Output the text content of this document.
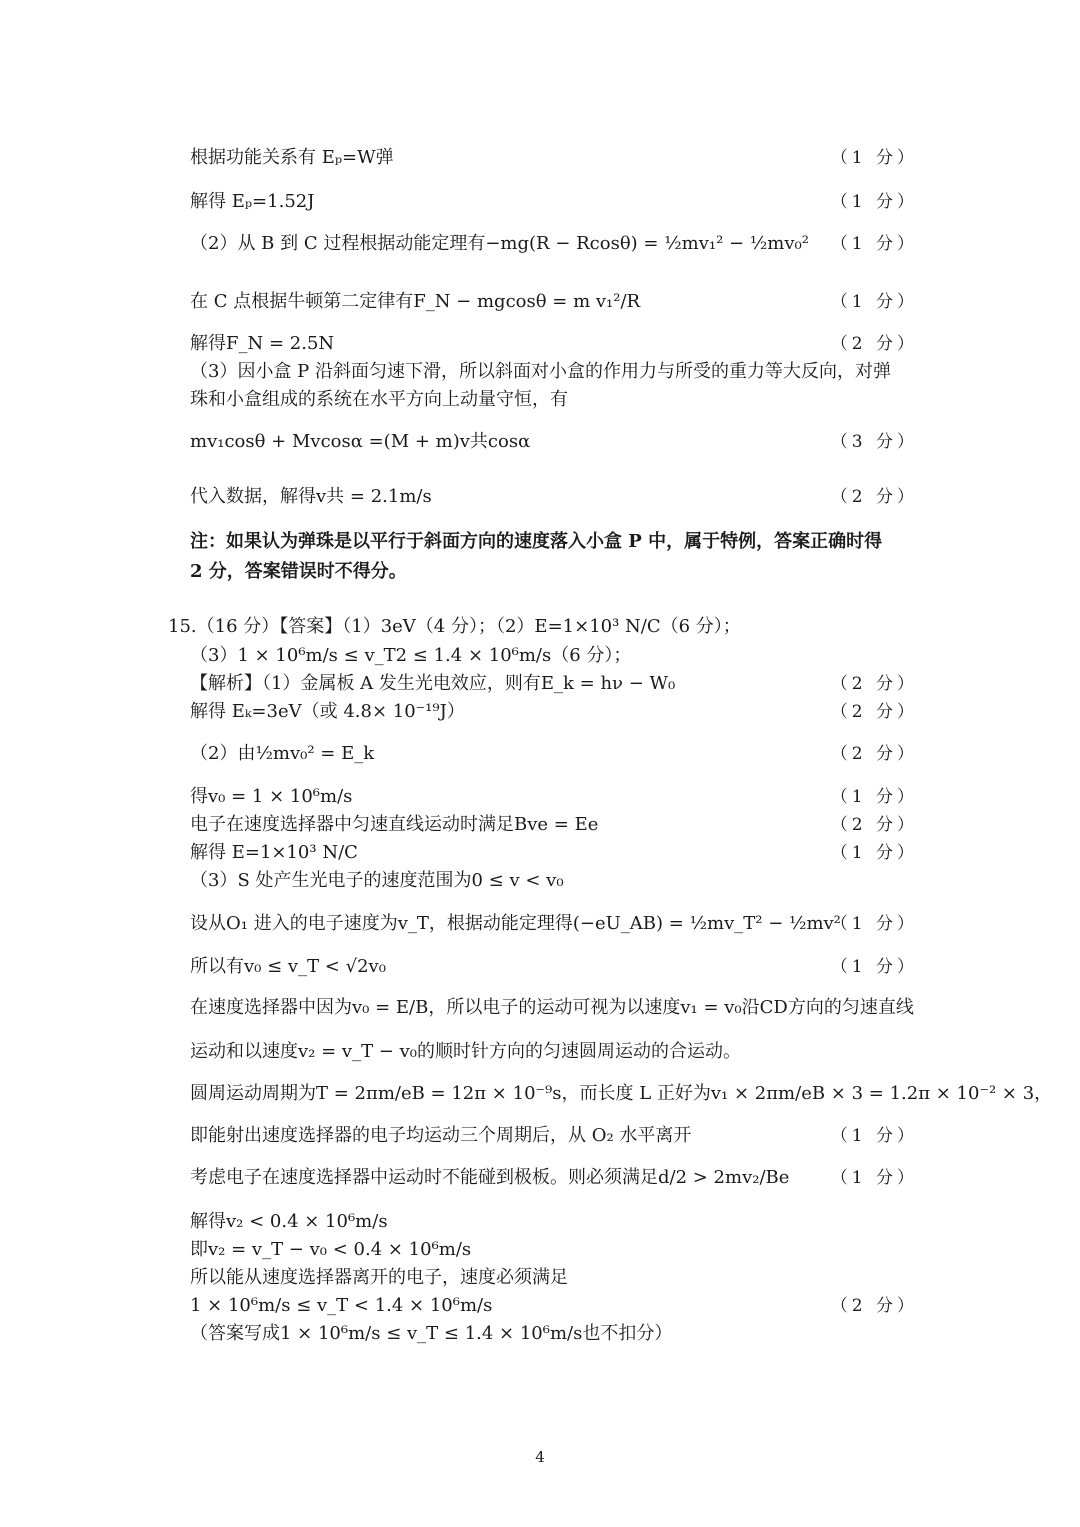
根据功能关系有 Eₚ=W弹	（1 分）
解得 Eₚ=1.52J	（1 分）
（2）从 B 到 C 过程根据动能定理有−mg(R − Rcosθ) = ½mv₁² − ½mv₀² （1 分）
在 C 点根据牛顿第二定律有F_N − mgcosθ = m v₁²/R	（1 分）
解得F_N = 2.5N	（2 分）
（3）因小盒 P 沿斜面匀速下滑，所以斜面对小盒的作用力与所受的重力等大反向，对弹
珠和小盒组成的系统在水平方向上动量守恒，有
mv₁cosθ + Mvcosα =(M + m)v共cosα	（3 分）
代入数据，解得v共 = 2.1m/s	（2 分）
注：如果认为弹珠是以平行于斜面方向的速度落入小盒 P 中，属于特例，答案正确时得
2 分，答案错误时不得分。
15.（16 分）【答案】（1）3eV（4 分）；（2）E=1×10³ N/C（6 分）；
（3）1 × 10⁶m/s ≤ v_T2 ≤ 1.4 × 10⁶m/s（6 分）；
【解析】（1）金属板 A 发生光电效应，则有E_k = hν − W₀	（2 分）
解得 Eₖ=3eV（或 4.8× 10⁻¹⁹J）	（2 分）
（2）由½mv₀² = E_k	（2 分）
得v₀ = 1 × 10⁶m/s	（1 分）
电子在速度选择器中匀速直线运动时满足Bve = Ee	（2 分）
解得 E=1×10³ N/C	（1 分）
（3）S 处产生光电子的速度范围为0 ≤ v < v₀
设从O₁ 进入的电子速度为v_T，根据动能定理得(−eU_AB) = ½mv_T² − ½mv²
（1 分）
所以有v₀ ≤ v_T < √2v₀	（1 分）
在速度选择器中因为v₀ = E/B，所以电子的运动可视为以速度v₁ = v₀沿CD方向的匀速直线
运动和以速度v₂ = v_T − v₀的顺时针方向的匀速圆周运动的合运动。
圆周运动周期为T = 2πm/eB = 12π × 10⁻⁹s，而长度 L 正好为v₁ × 2πm/eB × 3 = 1.2π × 10⁻² × 3，
即能射出速度选择器的电子均运动三个周期后，从 O₂ 水平离开	（1 分）
考虑电子在速度选择器中运动时不能碰到极板。则必须满足d/2 > 2mv₂/Be （1 分）
解得v₂ < 0.4 × 10⁶m/s
即v₂ = v_T − v₀ < 0.4 × 10⁶m/s
所以能从速度选择器离开的电子，速度必须满足
1 × 10⁶m/s ≤ v_T < 1.4 × 10⁶m/s	（2 分）
（答案写成1 × 10⁶m/s ≤ v_T ≤ 1.4 × 10⁶m/s也不扣分）
4
